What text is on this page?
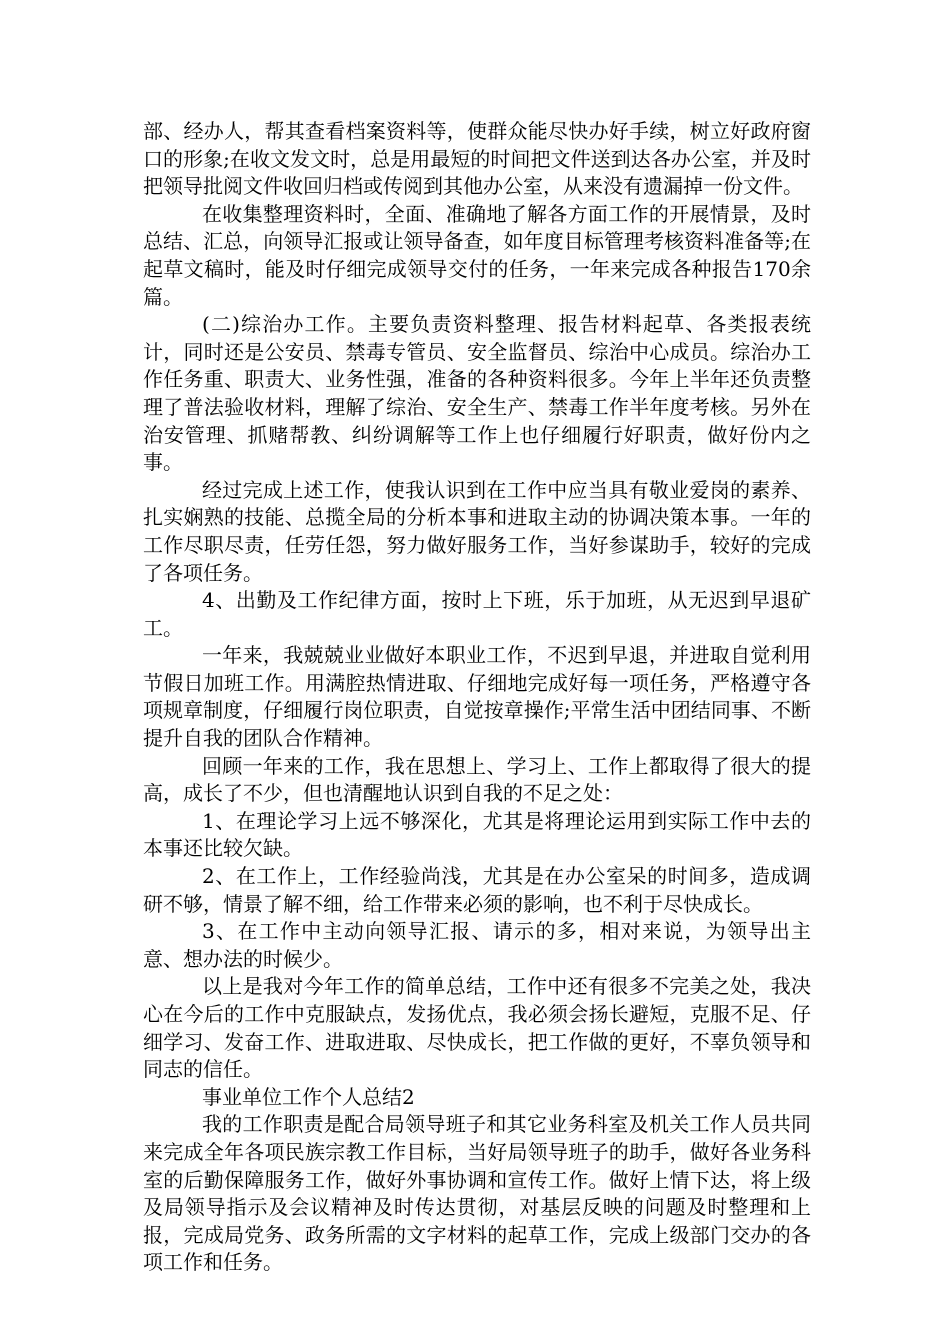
部、经办人，帮其查看档案资料等，使群众能尽快办好手续，树立好政府窗口的形象;在收文发文时，总是用最短的时间把文件送到达各办公室，并及时把领导批阅文件收回归档或传阅到其他办公室，从来没有遗漏掉一份文件。

在收集整理资料时，全面、准确地了解各方面工作的开展情景，及时总结、汇总，向领导汇报或让领导备查，如年度目标管理考核资料准备等;在起草文稿时，能及时仔细完成领导交付的任务，一年来完成各种报告170余篇。

(二)综治办工作。主要负责资料整理、报告材料起草、各类报表统计，同时还是公安员、禁毒专管员、安全监督员、综治中心成员。综治办工作任务重、职责大、业务性强，准备的各种资料很多。今年上半年还负责整理了普法验收材料，理解了综治、安全生产、禁毒工作半年度考核。另外在治安管理、抓赌帮教、纠纷调解等工作上也仔细履行好职责，做好份内之事。

经过完成上述工作，使我认识到在工作中应当具有敬业爱岗的素养、扎实娴熟的技能、总揽全局的分析本事和进取主动的协调决策本事。一年的工作尽职尽责，任劳任怨，努力做好服务工作，当好参谋助手，较好的完成了各项任务。

4、出勤及工作纪律方面，按时上下班，乐于加班，从无迟到早退矿工。

一年来，我兢兢业业做好本职业工作，不迟到早退，并进取自觉利用节假日加班工作。用满腔热情进取、仔细地完成好每一项任务，严格遵守各项规章制度，仔细履行岗位职责，自觉按章操作;平常生活中团结同事、不断提升自我的团队合作精神。

回顾一年来的工作，我在思想上、学习上、工作上都取得了很大的提高，成长了不少，但也清醒地认识到自我的不足之处：

1、在理论学习上远不够深化，尤其是将理论运用到实际工作中去的本事还比较欠缺。

2、在工作上，工作经验尚浅，尤其是在办公室呆的时间多，造成调研不够，情景了解不细，给工作带来必须的影响，也不利于尽快成长。

3、在工作中主动向领导汇报、请示的多，相对来说，为领导出主意、想办法的时候少。

以上是我对今年工作的简单总结，工作中还有很多不完美之处，我决心在今后的工作中克服缺点，发扬优点，我必须会扬长避短，克服不足、仔细学习、发奋工作、进取进取、尽快成长，把工作做的更好，不辜负领导和同志的信任。

事业单位工作个人总结2

我的工作职责是配合局领导班子和其它业务科室及机关工作人员共同来完成全年各项民族宗教工作目标，当好局领导班子的助手，做好各业务科室的后勤保障服务工作，做好外事协调和宣传工作。做好上情下达，将上级及局领导指示及会议精神及时传达贯彻，对基层反映的问题及时整理和上报，完成局党务、政务所需的文字材料的起草工作，完成上级部门交办的各项工作和任务。
